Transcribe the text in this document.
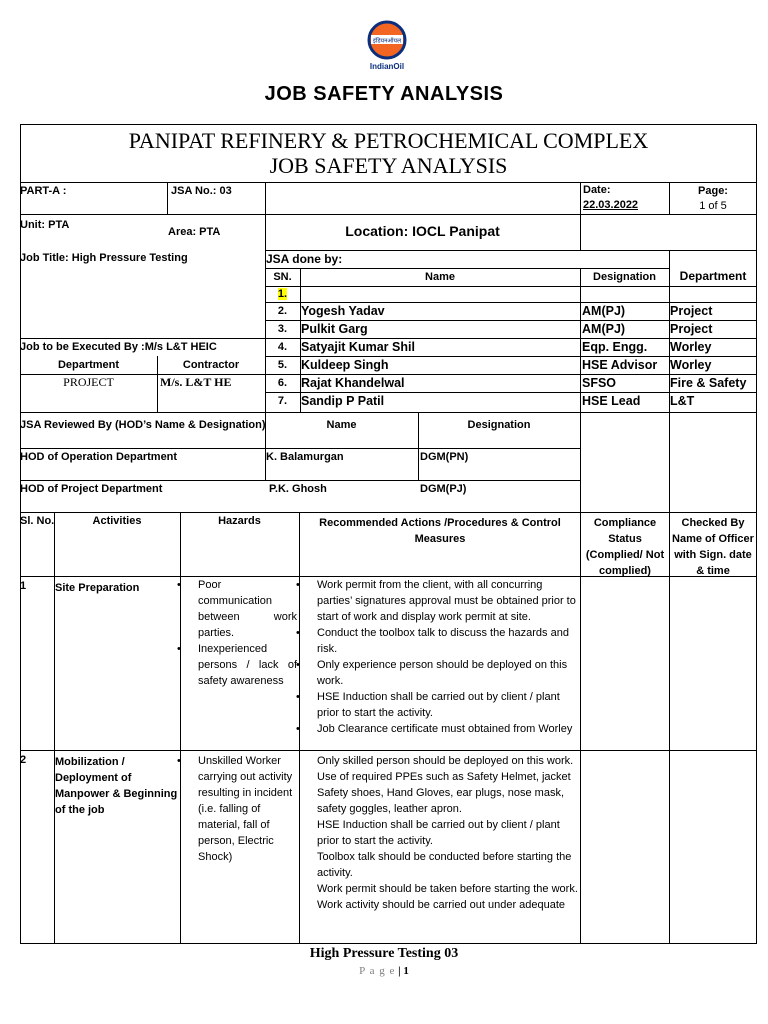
इंडियनऑयल
IndianOil
JOB SAFETY ANALYSIS
PANIPAT REFINERY & PETROCHEMICAL COMPLEX
JOB SAFETY ANALYSIS
PART-A :	JSA No.: 03	Date:
22.03.2022
Page:
1 of 5
Unit: PTA
Area: PTA	Location: IOCL Panipat
Job Title: High Pressure Testing	JSA done by:
SN.	Name	Designation	Department
1.
2.	Yogesh Yadav	AM(PJ)	Project
3.	Pulkit Garg	AM(PJ)	Project
4.	Satyajit Kumar Shil	Eqp. Engg. Worley
5.	Kuldeep Singh	HSE Advisor Worley
6.	Rajat Khandelwal	SFSO	Fire & Safety
7.	Sandip P Patil	HSE Lead L&T
Job to be Executed By :M/s L&T HEIC
Department	Contractor
PROJECT	M/s. L&T HE
JSA Reviewed By (HOD’s Name & Designation)	Name	Designation
HOD of Operation Department	K. Balamurgan	DGM(PN)
HOD of Project Department	P.K. Ghosh	DGM(PJ)
Sl. No.	Activities	Hazards	Recommended Actions /Procedures & Control Measures
Compliance Status (Complied/ Not complied)
Checked By Name of Officer with Sign. date & time
1	Site Preparation
•	Poor communication between work parties.
• Inexperienced persons / lack of safety awareness
• Work permit from the client, with all concurring parties’ signatures approval must be obtained prior to start of work and display work permit at site.
• Conduct the toolbox talk to discuss the hazards and risk.
• Only experience person should be deployed on this work.
• HSE Induction shall be carried out by client / plant prior to start the activity.
• Job Clearance certificate must obtained from Worley
2	Mobilization / Deployment of Manpower & Beginning of the job
• Unskilled Worker carrying out activity resulting in incident (i.e. falling of material, fall of person, Electric Shock)
• Only skilled person should be deployed on this work.
• Use of required PPEs such as Safety Helmet, jacket Safety shoes, Hand Gloves, ear plugs, nose mask, safety goggles, leather apron.
• HSE Induction shall be carried out by client / plant prior to start the activity.
• Toolbox talk should be conducted before starting the activity.
• Work permit should be taken before starting the work.
• Work activity should be carried out under adequate
High Pressure Testing 03
P a g e | 1
